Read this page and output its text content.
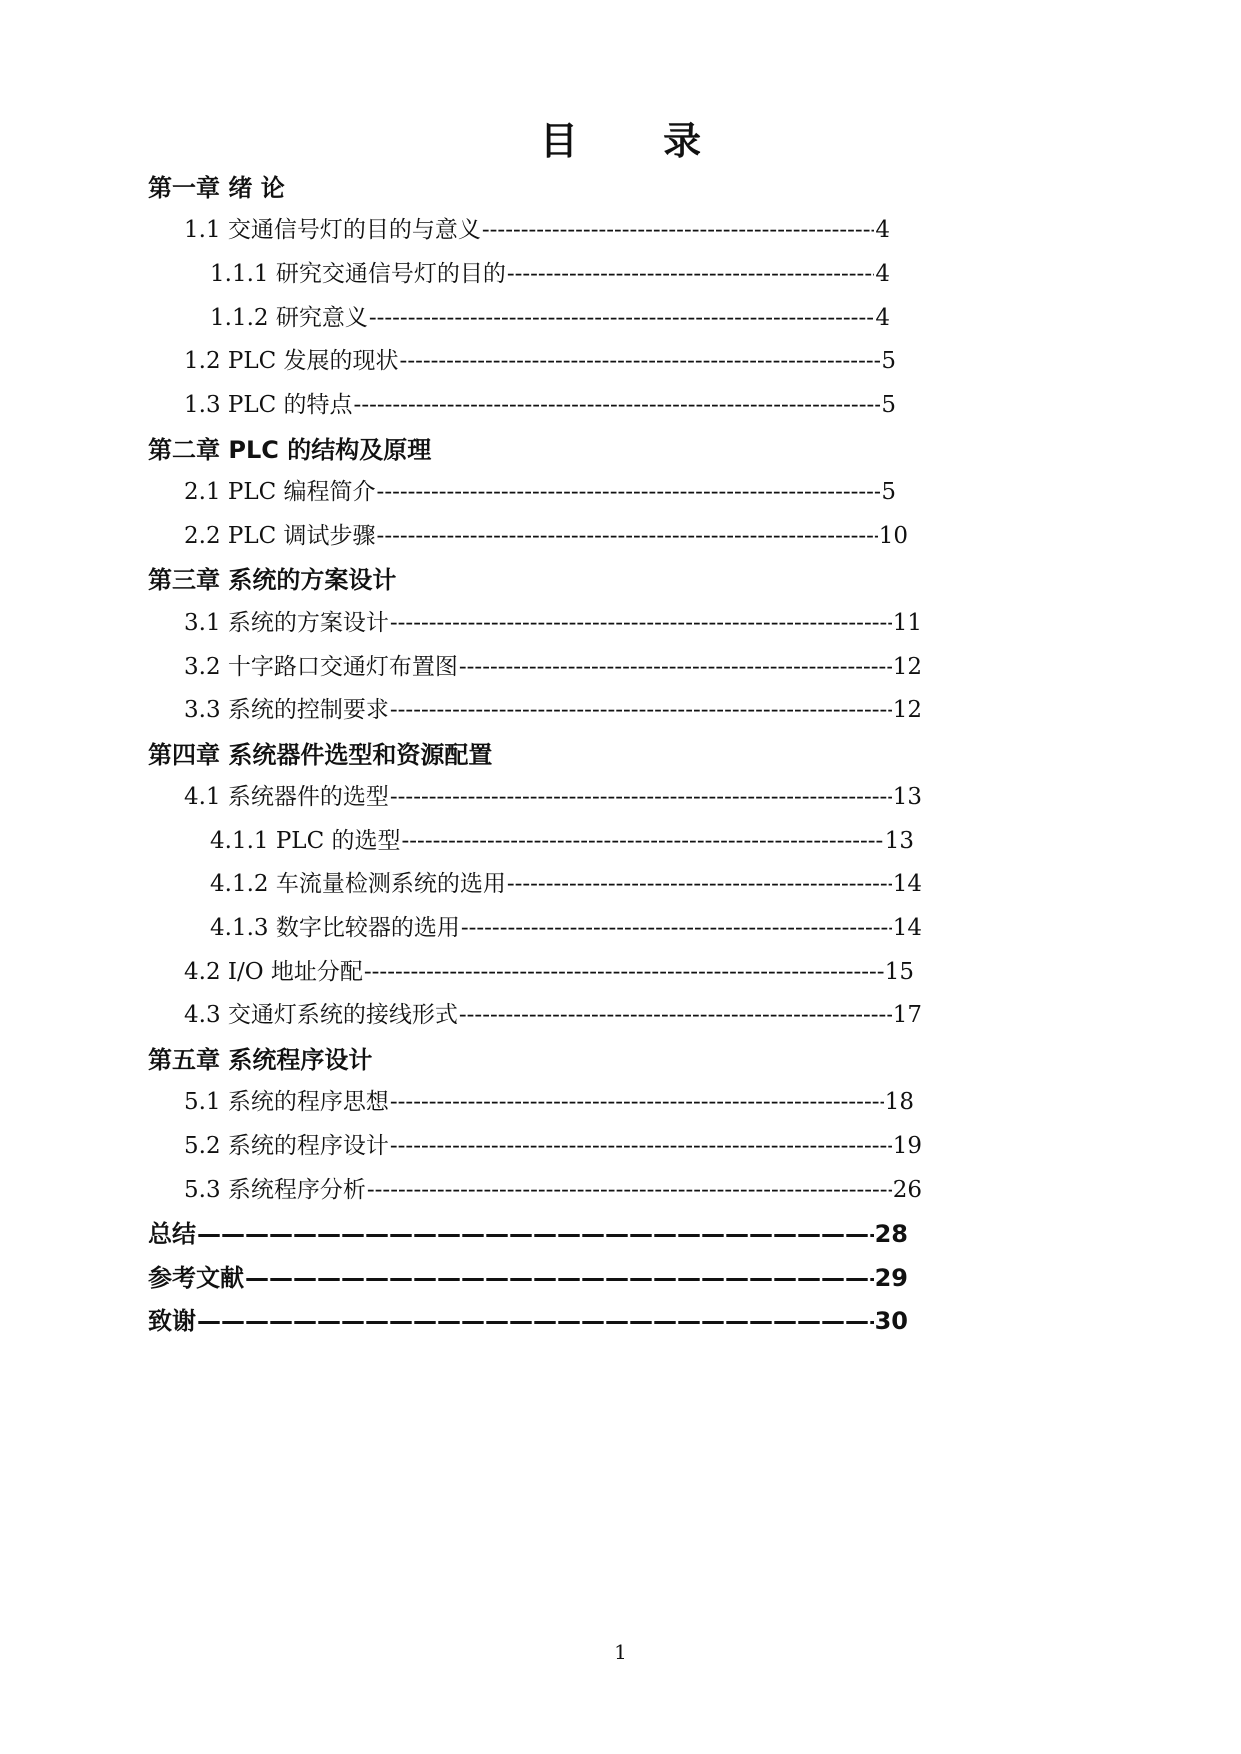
目 录
第一章 绪 论
1.1 交通信号灯的目的与意义 -----	4
1.1.1 研究交通信号灯的目的 -----	4
1.1.2 研究意义 -----	4
1.2 PLC 发展的现状 -----	5
1.3 PLC 的特点 -----	5
第二章 PLC 的结构及原理
2.1 PLC 编程简介 -----	5
2.2 PLC 调试步骤 -----	10
第三章 系统的方案设计
3.1 系统的方案设计 -----	11
3.2 十字路口交通灯布置图 -----	12
3.3 系统的控制要求 -----	12
第四章 系统器件选型和资源配置
4.1 系统器件的选型 -----	13
4.1.1 PLC 的选型 -----	13
4.1.2 车流量检测系统的选用 -----	14
4.1.3 数字比较器的选用 -----	14
4.2 I/O 地址分配 -----	15
4.3 交通灯系统的接线形式 -----	17
第五章 系统程序设计
5.1 系统的程序思想 -----	18
5.2 系统的程序设计 -----	19
5.3 系统程序分析 -----	26
总结 —————	28
参考文献 —————	29
致谢 —————	30
1
